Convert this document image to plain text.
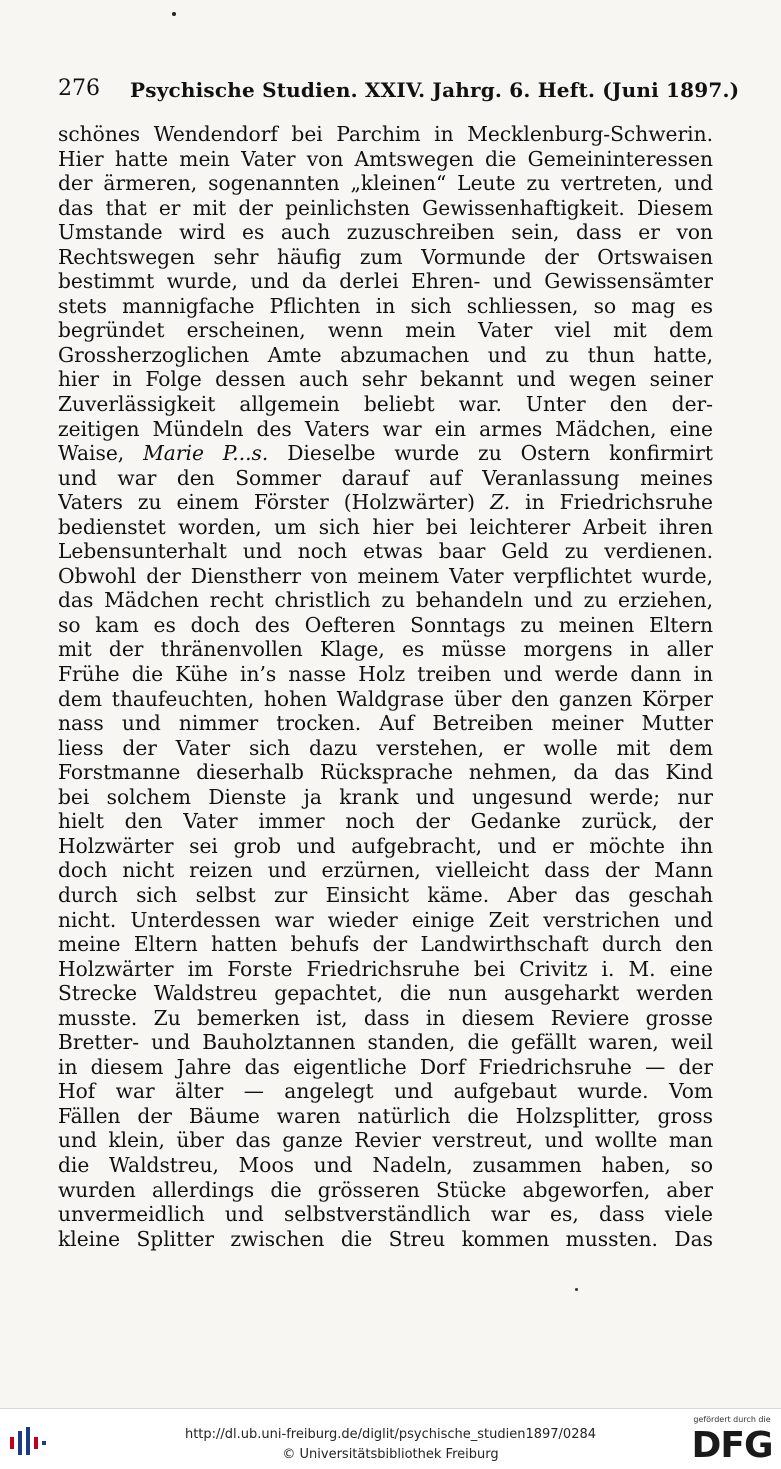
276 Psychische Studien. XXIV. Jahrg. 6. Heft. (Juni 1897.)
schönes Wendendorf bei Parchim in Mecklenburg-Schwerin.
Hier hatte mein Vater von Amtswegen die Gemeininteressen
der ärmeren, sogenannten „kleinen“ Leute zu vertreten, und
das that er mit der peinlichsten Gewissenhaftigkeit. Diesem
Umstande wird es auch zuzuschreiben sein, dass er von
Rechtswegen sehr häufig zum Vormunde der Ortswaisen
bestimmt wurde, und da derlei Ehren- und Gewissensämter
stets mannigfache Pflichten in sich schliessen, so mag es
begründet erscheinen, wenn mein Vater viel mit dem
Grossherzoglichen Amte abzumachen und zu thun hatte,
hier in Folge dessen auch sehr bekannt und wegen seiner
Zuverlässigkeit allgemein beliebt war. Unter den der-
zeitigen Mündeln des Vaters war ein armes Mädchen, eine
Waise, Marie P...s. Dieselbe wurde zu Ostern konfirmirt
und war den Sommer darauf auf Veranlassung meines
Vaters zu einem Förster (Holzwärter) Z. in Friedrichsruhe
bedienstet worden, um sich hier bei leichterer Arbeit ihren
Lebensunterhalt und noch etwas baar Geld zu verdienen.
Obwohl der Dienstherr von meinem Vater verpflichtet wurde,
das Mädchen recht christlich zu behandeln und zu erziehen,
so kam es doch des Oefteren Sonntags zu meinen Eltern
mit der thränenvollen Klage, es müsse morgens in aller
Frühe die Kühe in’s nasse Holz treiben und werde dann in
dem thaufeuchten, hohen Waldgrase über den ganzen Körper
nass und nimmer trocken. Auf Betreiben meiner Mutter
liess der Vater sich dazu verstehen, er wolle mit dem
Forstmanne dieserhalb Rücksprache nehmen, da das Kind
bei solchem Dienste ja krank und ungesund werde; nur
hielt den Vater immer noch der Gedanke zurück, der
Holzwärter sei grob und aufgebracht, und er möchte ihn
doch nicht reizen und erzürnen, vielleicht dass der Mann
durch sich selbst zur Einsicht käme. Aber das geschah
nicht. Unterdessen war wieder einige Zeit verstrichen und
meine Eltern hatten behufs der Landwirthschaft durch den
Holzwärter im Forste Friedrichsruhe bei Crivitz i. M. eine
Strecke Waldstreu gepachtet, die nun ausgeharkt werden
musste. Zu bemerken ist, dass in diesem Reviere grosse
Bretter- und Bauholztannen standen, die gefällt waren, weil
in diesem Jahre das eigentliche Dorf Friedrichsruhe — der
Hof war älter — angelegt und aufgebaut wurde. Vom
Fällen der Bäume waren natürlich die Holzsplitter, gross
und klein, über das ganze Revier verstreut, und wollte man
die Waldstreu, Moos und Nadeln, zusammen haben, so
wurden allerdings die grösseren Stücke abgeworfen, aber
unvermeidlich und selbstverständlich war es, dass viele
kleine Splitter zwischen die Streu kommen mussten. Das
http://dl.ub.uni-freiburg.de/diglit/psychische_studien1897/0284
© Universitätsbibliothek Freiburg
gefördert durch die
DFG
